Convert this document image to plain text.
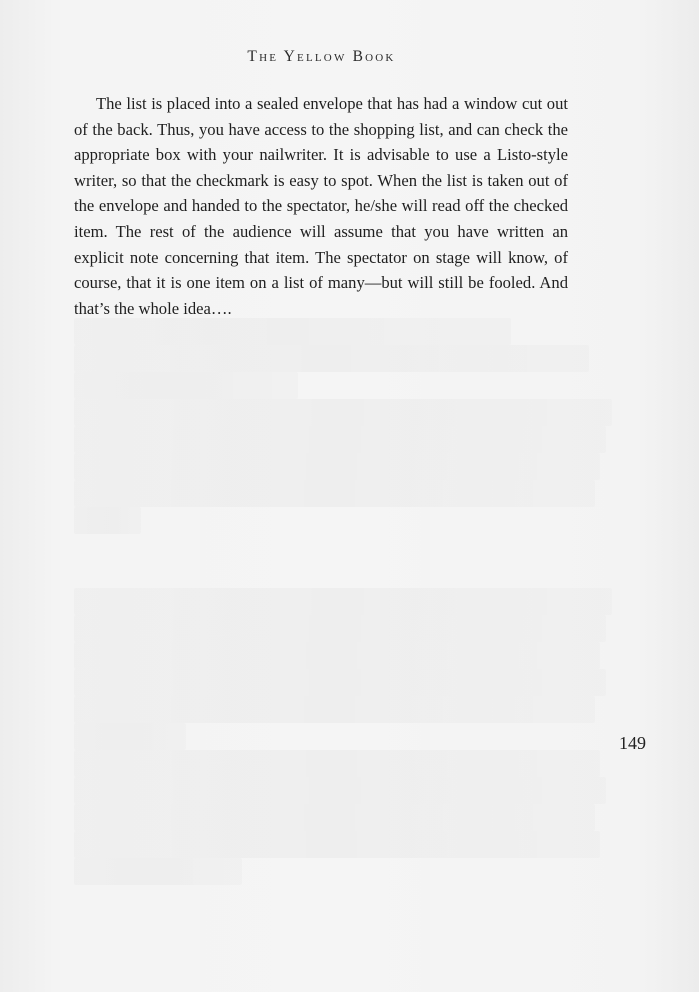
The Yellow Book

The list is placed into a sealed envelope that has had a window cut out of the back. Thus, you have access to the shopping list, and can check the appropriate box with your nailwriter. It is advisable to use a Listo-style writer, so that the checkmark is easy to spot. When the list is taken out of the envelope and handed to the spectator, he/she will read off the checked item. The rest of the audience will assume that you have written an explicit note concerning that item. The spectator on stage will know, of course, that it is one item on a list of many—but will still be fooled. And that’s the whole idea….

149
